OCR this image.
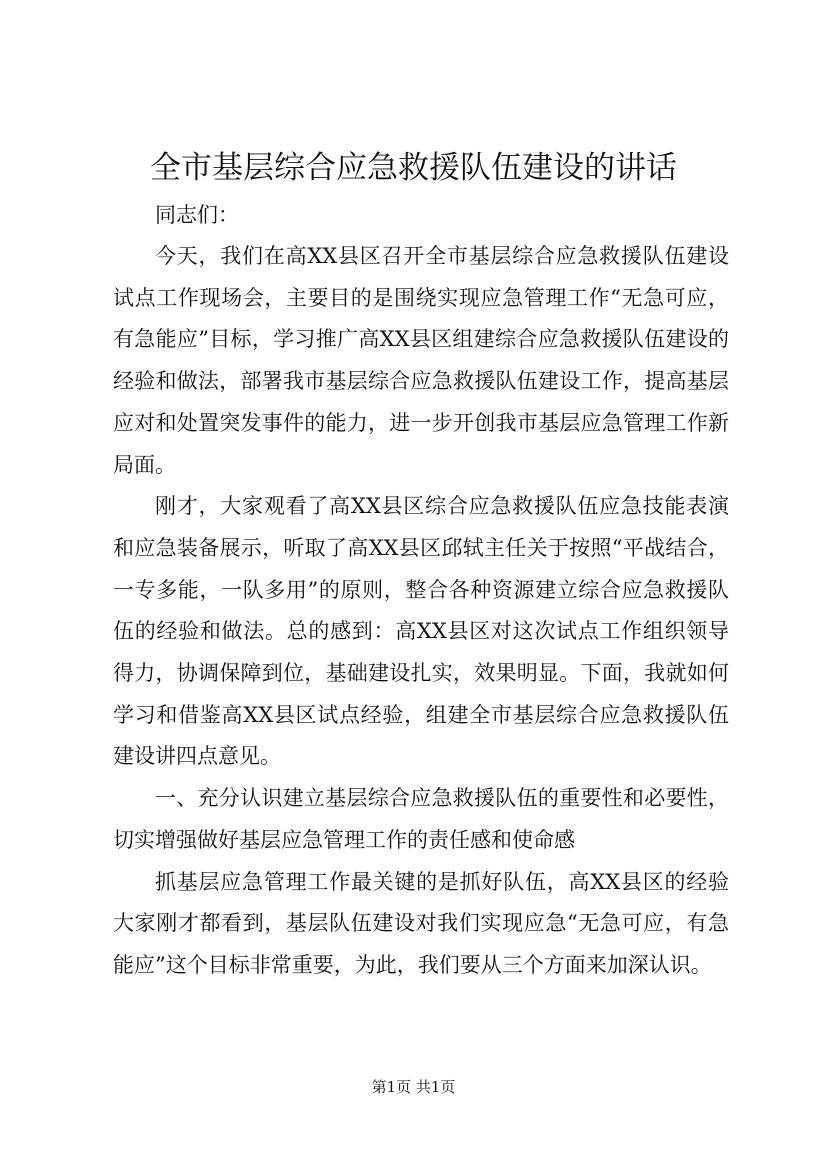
全市基层综合应急救援队伍建设的讲话

同志们：

今天，我们在高XX县区召开全市基层综合应急救援队伍建设试点工作现场会，主要目的是围绕实现应急管理工作“无急可应，有急能应”目标，学习推广高XX县区组建综合应急救援队伍建设的经验和做法，部署我市基层综合应急救援队伍建设工作，提高基层应对和处置突发事件的能力，进一步开创我市基层应急管理工作新局面。

刚才，大家观看了高XX县区综合应急救援队伍应急技能表演和应急装备展示，听取了高XX县区邱轼主任关于按照“平战结合，一专多能，一队多用”的原则，整合各种资源建立综合应急救援队伍的经验和做法。总的感到：高XX县区对这次试点工作组织领导得力，协调保障到位，基础建设扎实，效果明显。下面，我就如何学习和借鉴高XX县区试点经验，组建全市基层综合应急救援队伍建设讲四点意见。

一、充分认识建立基层综合应急救援队伍的重要性和必要性，切实增强做好基层应急管理工作的责任感和使命感

抓基层应急管理工作最关键的是抓好队伍，高XX县区的经验大家刚才都看到，基层队伍建设对我们实现应急“无急可应，有急能应”这个目标非常重要，为此，我们要从三个方面来加深认识。

第1页 共1页
